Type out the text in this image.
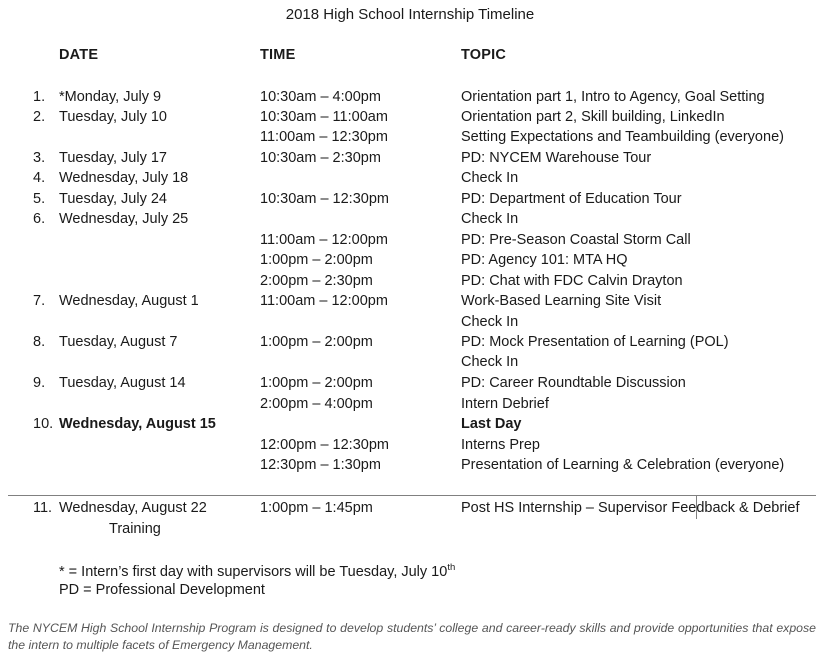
2018 High School Internship Timeline
DATE	TIME	TOPIC
1. *Monday, July 9	10:30am – 4:00pm	Orientation part 1, Intro to Agency, Goal Setting
2. Tuesday, July 10	10:30am – 11:00am	Orientation part 2, Skill building, LinkedIn
11:00am – 12:30pm	Setting Expectations and Teambuilding (everyone)
3. Tuesday, July 17	10:30am – 2:30pm	PD: NYCEM Warehouse Tour
4. Wednesday, July 18	Check In
5. Tuesday, July 24	10:30am – 12:30pm	PD: Department of Education Tour
6. Wednesday, July 25	Check In
11:00am – 12:00pm	PD: Pre-Season Coastal Storm Call
1:00pm – 2:00pm	PD: Agency 101: MTA HQ
2:00pm – 2:30pm	PD: Chat with FDC Calvin Drayton
7. Wednesday, August 1	11:00am – 12:00pm	Work-Based Learning Site Visit
Check In
8. Tuesday, August 7	1:00pm – 2:00pm	PD: Mock Presentation of Learning (POL)
Check In
9. Tuesday, August 14	1:00pm – 2:00pm	PD: Career Roundtable Discussion
2:00pm – 4:00pm	Intern Debrief
10. Wednesday, August 15	Last Day
12:00pm – 12:30pm	Interns Prep
12:30pm – 1:30pm	Presentation of Learning & Celebration (everyone)
11. Wednesday, August 22	1:00pm – 1:45pm	Post HS Internship – Supervisor Feedback & Debrief
Training
* = Intern’s first day with supervisors will be Tuesday, July 10th
PD = Professional Development
The NYCEM High School Internship Program is designed to develop students’ college and career-ready skills and provide opportunities that expose the intern to multiple facets of Emergency Management.
